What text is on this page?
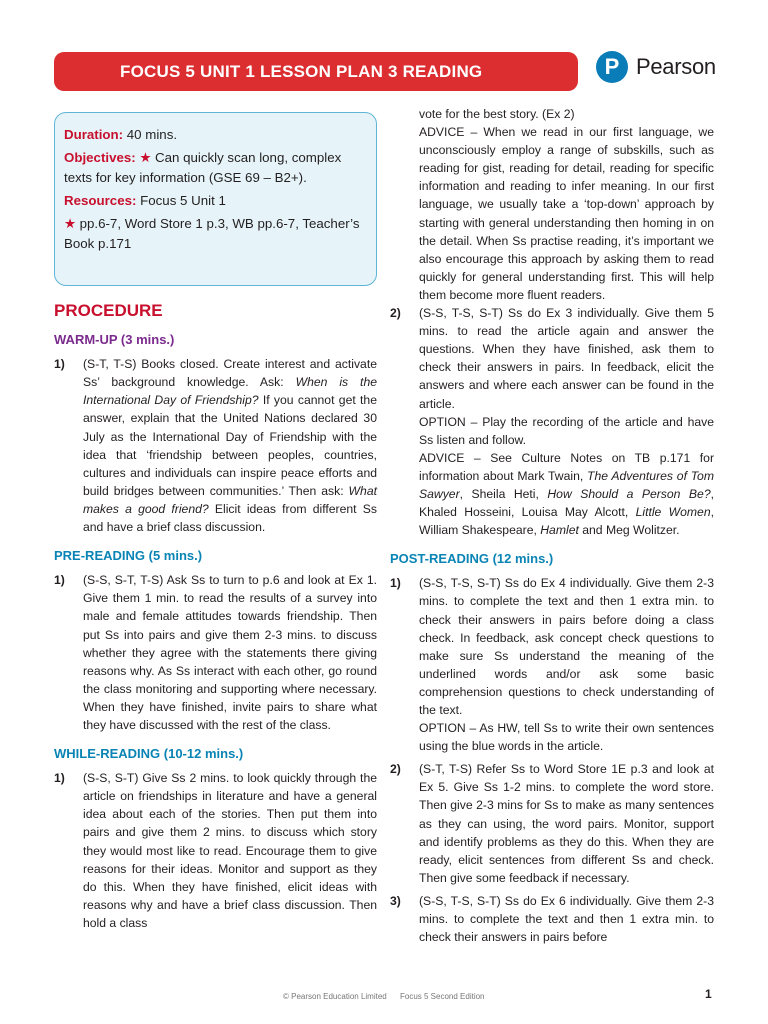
FOCUS 5 UNIT 1 LESSON PLAN 3 READING	P Pearson

Duration: 40 mins.

Objectives: ★ Can quickly scan long, complex texts for key information (GSE 69 – B2+).

Resources: Focus 5 Unit 1

★ pp.6-7, Word Store 1 p.3, WB pp.6-7, Teacher’s Book p.171

PROCEDURE
WARM-UP (3 mins.)
1)	(S-T, T-S) Books closed. Create interest and activate Ss’ background knowledge. Ask: When is the International Day of Friendship? If you cannot get the answer, explain that the United Nations declared 30 July as the International Day of Friendship with the idea that ‘friendship between peoples, countries, cultures and individuals can inspire peace efforts and build bridges between communities.’ Then ask: What makes a good friend? Elicit ideas from different Ss and have a brief class discussion.

PRE-READING (5 mins.)
1)	(S-S, S-T, T-S) Ask Ss to turn to p.6 and look at Ex 1. Give them 1 min. to read the results of a survey into male and female attitudes towards friendship. Then put Ss into pairs and give them 2-3 mins. to discuss whether they agree with the statements there giving reasons why. As Ss interact with each other, go round the class monitoring and supporting where necessary. When they have finished, invite pairs to share what they have discussed with the rest of the class.

WHILE-READING (10-12 mins.)
1)	(S-S, S-T) Give Ss 2 mins. to look quickly through the article on friendships in literature and have a general idea about each of the stories. Then put them into pairs and give them 2 mins. to discuss which story they would most like to read. Encourage them to give reasons for their ideas. Monitor and support as they do this. When they have finished, elicit ideas with reasons why and have a brief class discussion. Then hold a class

vote for the best story. (Ex 2)

ADVICE – When we read in our first language, we unconsciously employ a range of subskills, such as reading for gist, reading for detail, reading for specific information and reading to infer meaning. In our first language, we usually take a ‘top-down’ approach by starting with general understanding then homing in on the detail. When Ss practise reading, it’s important we also encourage this approach by asking them to read quickly for general understanding first. This will help them become more fluent readers.

2)	(S-S, T-S, S-T) Ss do Ex 3 individually. Give them 5 mins. to read the article again and answer the questions. When they have finished, ask them to check their answers in pairs. In feedback, elicit the answers and where each answer can be found in the article.

OPTION – Play the recording of the article and have Ss listen and follow.

ADVICE – See Culture Notes on TB p.171 for information about Mark Twain, The Adventures of Tom Sawyer, Sheila Heti, How Should a Person Be?, Khaled Hosseini, Louisa May Alcott, Little Women, William Shakespeare, Hamlet and Meg Wolitzer.

POST-READING (12 mins.)
1)	(S-S, T-S, S-T) Ss do Ex 4 individually. Give them 2-3 mins. to complete the text and then 1 extra min. to check their answers in pairs before doing a class check. In feedback, ask concept check questions to make sure Ss understand the meaning of the underlined words and/or ask some basic comprehension questions to check understanding of the text.

OPTION – As HW, tell Ss to write their own sentences using the blue words in the article.

2)	(S-T, T-S) Refer Ss to Word Store 1E p.3 and look at Ex 5. Give Ss 1-2 mins. to complete the word store. Then give 2-3 mins for Ss to make as many sentences as they can using, the word pairs. Monitor, support and identify problems as they do this. When they are ready, elicit sentences from different Ss and check. Then give some feedback if necessary.

3)	(S-S, T-S, S-T) Ss do Ex 6 individually. Give them 2-3 mins. to complete the text and then 1 extra min. to check their answers in pairs before

© Pearson Education Limited Focus 5 Second Edition	1
